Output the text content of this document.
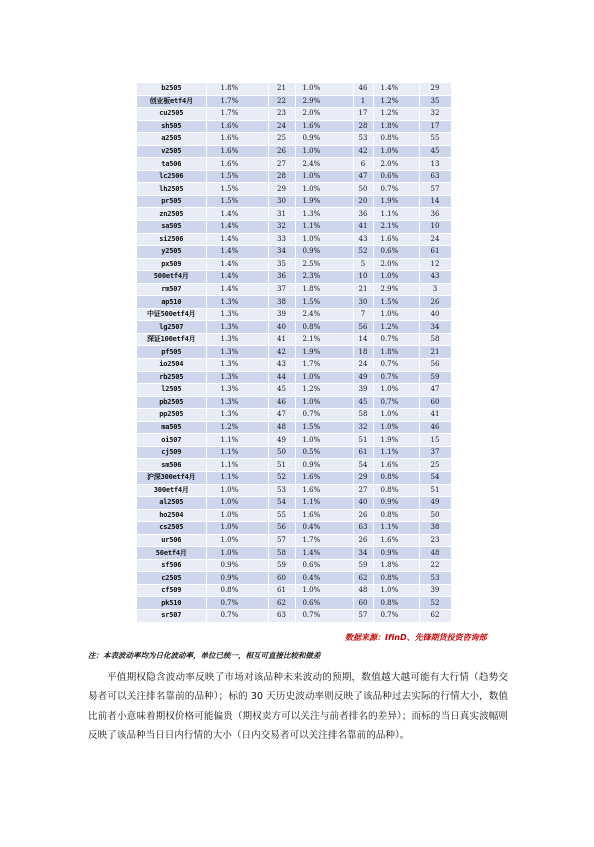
b2505	1.8%	21	1.0%	46	1.4%	29
创业板etf4月	1.7%	22	2.9%	1	1.2%	35
cu2505	1.7%	23	2.0%	17	1.2%	32
sh505	1.6%	24	1.6%	28	1.8%	17
a2505	1.6%	25	0.9%	53	0.8%	55
v2505	1.6%	26	1.0%	42	1.0%	45
ta506	1.6%	27	2.4%	6	2.0%	13
lc2506	1.5%	28	1.0%	47	0.6%	63
lh2505	1.5%	29	1.0%	50	0.7%	57
pr505	1.5%	30	1.9%	20	1.9%	14
zn2505	1.4%	31	1.3%	36	1.1%	36
sa505	1.4%	32	1.1%	41	2.1%	10
si2506	1.4%	33	1.0%	43	1.6%	24
y2505	1.4%	34	0.9%	52	0.6%	61
px509	1.4%	35	2.5%	5	2.0%	12
500etf4月	1.4%	36	2.3%	10	1.0%	43
rm507	1.4%	37	1.8%	21	2.9%	3
ap510	1.3%	38	1.5%	30	1.5%	26
中证500etf4月	1.3%	39	2.4%	7	1.0%	40
lg2507	1.3%	40	0.8%	56	1.2%	34
深证100etf4月	1.3%	41	2.1%	14	0.7%	58
pf505	1.3%	42	1.9%	18	1.8%	21
io2504	1.3%	43	1.7%	24	0.7%	56
rb2505	1.3%	44	1.0%	49	0.7%	59
l2505	1.3%	45	1.2%	39	1.0%	47
pb2505	1.3%	46	1.0%	45	0.7%	60
pp2505	1.3%	47	0.7%	58	1.0%	41
ma505	1.2%	48	1.5%	32	1.0%	46
oi507	1.1%	49	1.0%	51	1.9%	15
cj509	1.1%	50	0.5%	61	1.1%	37
sm506	1.1%	51	0.9%	54	1.6%	25
沪深300etf4月	1.1%	52	1.6%	29	0.8%	54
300etf4月	1.0%	53	1.6%	27	0.8%	51
al2505	1.0%	54	1.1%	40	0.9%	49
ho2504	1.0%	55	1.6%	26	0.8%	50
cs2505	1.0%	56	0.4%	63	1.1%	38
ur506	1.0%	57	1.7%	26	1.6%	23
50etf4月	1.0%	58	1.4%	34	0.9%	48
sf506	0.9%	59	0.6%	59	1.8%	22
c2505	0.9%	60	0.4%	62	0.8%	53
cf509	0.8%	61	1.0%	48	1.0%	39
pk510	0.7%	62	0.6%	60	0.8%	52
sr507	0.7%	63	0.7%	57	0.7%	62
数据来源：IfinD、先锋期货投资咨询部
注：本表波动率均为日化波动率，单位已统一，相互可直接比较和做差

平值期权隐含波动率反映了市场对该品种未来波动的预期，数值越大越可能有大行情（趋势交易者可以关注排名靠前的品种）；标的 30 天历史波动率则反映了该品种过去实际的行情大小，数值比前者小意味着期权价格可能偏贵（期权卖方可以关注与前者排名的差异）；而标的当日真实波幅则反映了该品种当日日内行情的大小（日内交易者可以关注排名靠前的品种）。
